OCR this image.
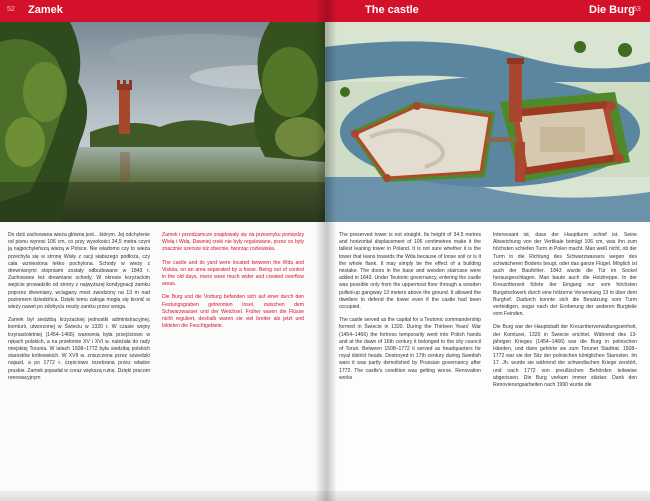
52 Zamek

Do dziś zachowana wieża główna jest... którym. Jej odchylenie od pionu wynosi 106 cm, co przy wysokości 34,5 metra czyni ją najpochyleńszą wieżą w Polsce. Nie wiadomo czy to wieża przechyla się w stronę Wisły z racji słabszego podłoża, czy cała wzniesiona lekko pochylona. Schody w wieży z drewnianymi stopniami zostały odbudowane w 1843 r. Zachowane też drewniane schody. W okresie krzyżackim wejście prowadziło od strony z najwyższej kondygnacji zamku poprzez drewniany, wciągany most zwodzony na 13 m nad poziomem dziedzińca. Dzięki temu załoga mogła się bronić w wieży nawet po zdobyciu reszty zamku przez wroga.

Zamek był siedzibą krzyżackiej jednostki administracyjnej, komturii, utworzonej w Świeciu w 1320 r. W czasie wojny trzynastoletniej (1454–1466) warownia była przejściowo w rękach polskich, a na przełomie XV i XVI w. należała do rady miejskiej Torunia. W latach 1508–1772 była siedzibą polskich starostów królewskich. W XVII w. zniszczona przez szwedzki najazd, a po 1772 r. częściowo rozebrana przez władze pruskie. Zamek popadał w coraz większą ruinę. Dzięki pracom renowacyjnym

Zamek i przedzamcze znajdowały się na przesmyku pomiędzy Wisłą i Wdą. Dawniej rzeki nie były regulowane, przez co były znacznie szersze niż obecnie, tworząc rozlewiska.

The castle and its yard were located between the Wda and Vistula, on an area separated by a fosse. Being out of control in the old days, rivers were much wider and created overflow areas.

Die Burg und die Vorburg befanden sich auf einer durch den Festungsgraben getrennten Insel, zwischen dem Schwarzwasser und der Weichsel. Früher waren die Flüsse nicht reguliert, deshalb waren sie viel breiter als jetzt und bildeten die Feuchtgebiete.

The castle	Die Burg
53

The preserved tower is not straight. Its height of 34.5 metres and horizontal displacement of 106 centimetres make it the tallest leaning tower in Poland. It is not sure whether it is the tower that leans towards the Wda because of loose soil or is it the whole flank. It may simply be the effect of a building mistake. The doors in the base and wooden staircase were added in 1843. Under Teutonic governancy, entering the castle was possible only from the uppermost floor through a wooden pulled-up gangway 13 meters above the ground. It allowed the dwellers to defend the tower even if the castle had been occupied.

The castle served as the capital for a Teutonic commandership formed in Świecie in 1320. During the Thirteen Years' War (1454–1466) the fortress temporarily went into Polish hands and at the dawn of 16th century it belonged to the city council of Toruń. Between 1508–1772 it served as headquarters for royal district heads. Destroyed in 17th century during Swedish wars it was partly demolished by Prussian governancy after 1772. The castle's condition was getting worse. Renovation works

Interessant ist, dass der Hauptturm schief ist. Seine Abweichung von der Vertikale beträgt 106 cm, was ihn zum höchsten schiefen Turm in Polen macht. Man weiß nicht, ob der Turm in die Richtung des Schwarzwassers wegen des schwächeren Bodens beugt, oder das ganze Flügel. Möglich ist auch der Baufehler. 1843 wurde die Tür im Sockel herausgeschlagen. Man baute auch die Holztreppe. In der Kreuzritterzeit führte der Eingang nur vom höchsten Burgstockwerk durch eine hölzerne Versenkung 13 m über dem Burghof. Dadurch konnte sich die Besatzung vom Turm verteidigen, sogar nach der Eroberung der anderen Burgteile vom Feinden.

Die Burg war der Hauptstadt der Kreuzritterverwaltungseinheit, der Komturei, 1320 in Świecie erichtet. Während des 13-jährigen Krieges (1454–1466) war die Burg in polnischen Händen, und dann gehörte sie zum Toruner Stadtrat. 1508–1772 war sie der Sitz der polnischen königlichen Starosten. Im 17. Jh. wurde sie während der schwedischen Kriege zerstört, und nach 1772 von preußischen Behörden teilweise abgerissen. Die Burg verkam immer stärker. Dank den Renovierungsarbeiten nach 1990 wurde die
